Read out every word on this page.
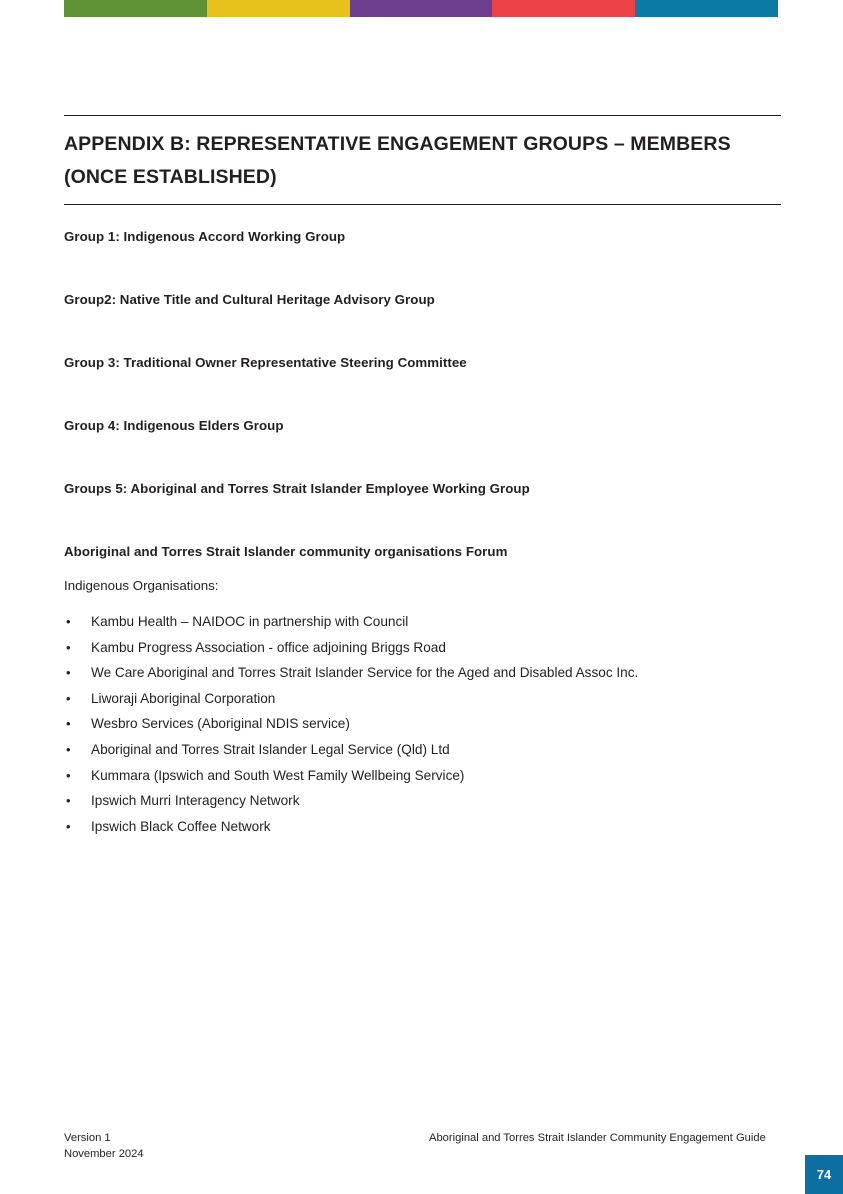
APPENDIX B: REPRESENTATIVE ENGAGEMENT GROUPS – MEMBERS (ONCE ESTABLISHED)
Group 1: Indigenous Accord Working Group
Group2: Native Title and Cultural Heritage Advisory Group
Group 3: Traditional Owner Representative Steering Committee
Group 4: Indigenous Elders Group
Groups 5: Aboriginal and Torres Strait Islander Employee Working Group
Aboriginal and Torres Strait Islander community organisations Forum
Indigenous Organisations:
• Kambu Health – NAIDOC in partnership with Council
• Kambu Progress Association - office adjoining Briggs Road
• We Care Aboriginal and Torres Strait Islander Service for the Aged and Disabled Assoc Inc.
• Liworaji Aboriginal Corporation
• Wesbro Services (Aboriginal NDIS service)
• Aboriginal and Torres Strait Islander Legal Service (Qld) Ltd
• Kummara (Ipswich and South West Family Wellbeing Service)
• Ipswich Murri Interagency Network
• Ipswich Black Coffee Network
Version 1
November 2024
Aboriginal and Torres Strait Islander Community Engagement Guide
74
